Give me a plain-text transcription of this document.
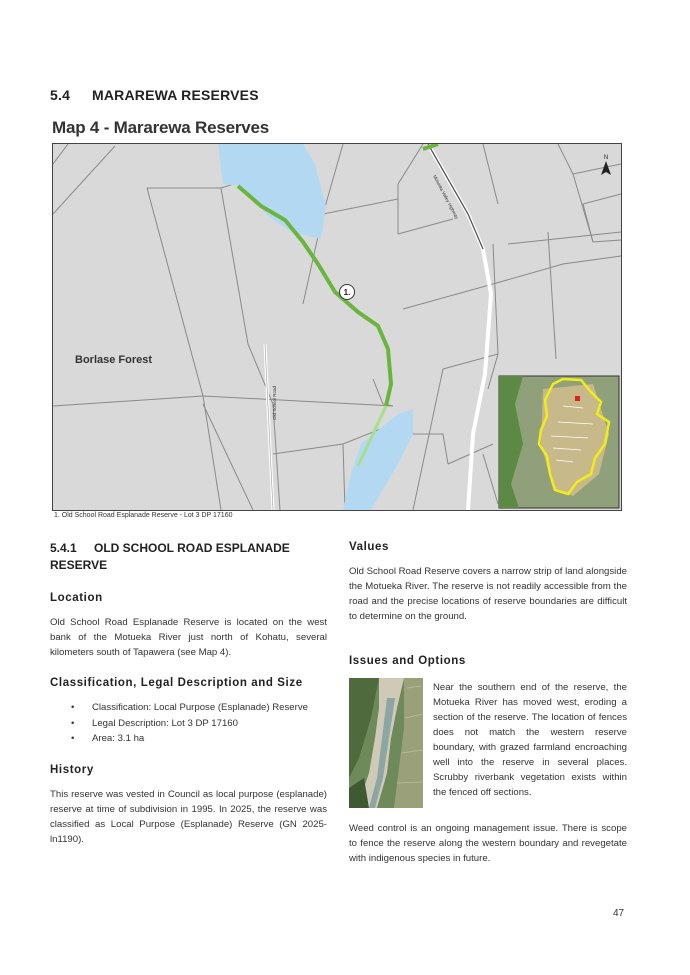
5.4 MARAREWA RESERVES
Map 4 - Mararewa Reserves
1.
Borlase Forest
Motueka Valley Highway
Old School Road
N
1. Old School Road Esplanade Reserve - Lot 3 DP 17160
5.4.1 OLD SCHOOL ROAD ESPLANADE RESERVE
Location
Old School Road Esplanade Reserve is located on the west bank of the Motueka River just north of Kohatu, several kilometers south of Tapawera (see Map 4).
Classification, Legal Description and Size
• Classification: Local Purpose (Esplanade) Reserve
• Legal Description: Lot 3 DP 17160
• Area: 3.1 ha
History
This reserve was vested in Council as local purpose (esplanade) reserve at time of subdivision in 1995. In 2025, the reserve was classified as Local Purpose (Esplanade) Reserve (GN 2025-ln1190).
Values
Old School Road Reserve covers a narrow strip of land alongside the Motueka River. The reserve is not readily accessible from the road and the precise locations of reserve boundaries are difficult to determine on the ground.
Issues and Options
Near the southern end of the reserve, the Motueka River has moved west, eroding a section of the reserve. The location of fences does not match the western reserve boundary, with grazed farmland encroaching well into the reserve in several places. Scrubby riverbank vegetation exists within the fenced off sections.
Weed control is an ongoing management issue. There is scope to fence the reserve along the western boundary and revegetate with indigenous species in future.
47
